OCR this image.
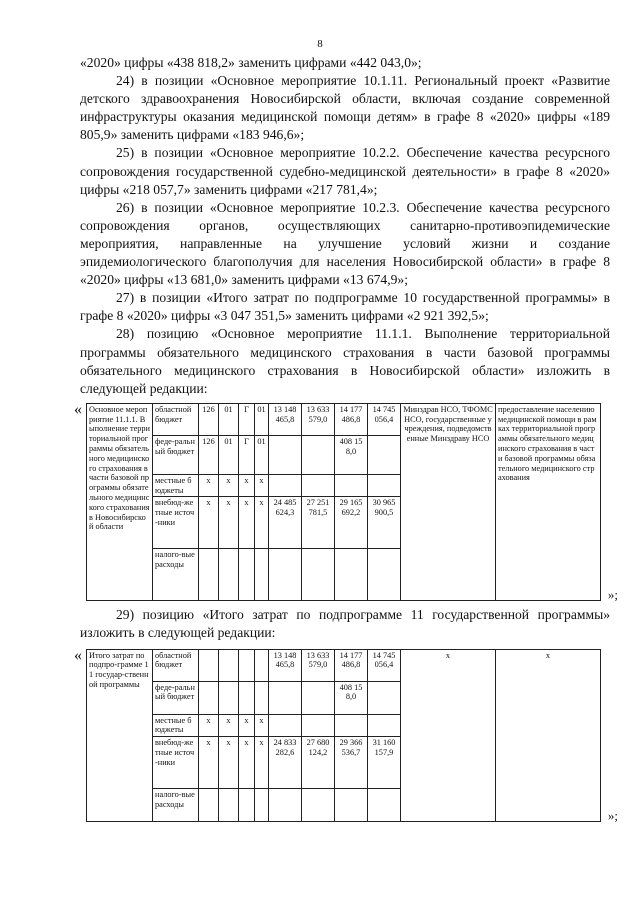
8

«2020» цифры «438 818,2» заменить цифрами «442 043,0»;

24) в позиции «Основное мероприятие 10.1.11. Региональный проект «Развитие детского здравоохранения Новосибирской области, включая создание современной инфраструктуры оказания медицинской помощи детям» в графе 8 «2020» цифры «189 805,9» заменить цифрами «183 946,6»;

25) в позиции «Основное мероприятие 10.2.2. Обеспечение качества ресурсного сопровождения государственной судебно-медицинской деятельности» в графе 8 «2020» цифры «218 057,7» заменить цифрами «217 781,4»;

26) в позиции «Основное мероприятие 10.2.3. Обеспечение качества ресурсного сопровождения органов, осуществляющих санитарно-противоэпидемические мероприятия, направленные на улучшение условий жизни и создание эпидемиологического благополучия для населения Новосибирской области» в графе 8 «2020» цифры «13 681,0» заменить цифрами «13 674,9»;

27) в позиции «Итого затрат по подпрограмме 10 государственной программы» в графе 8 «2020» цифры «3 047 351,5» заменить цифрами «2 921 392,5»;

28) позицию «Основное мероприятие 11.1.1. Выполнение территориальной программы обязательного медицинского страхования в части базовой программы обязательного медицинского страхования в Новосибирской области» изложить в следующей редакции:

« Основное мероприятие 11.1.1. Выполнение территориальной программы обязательного медицинского страхования в части базовой программы обязательного медицинского страхования в Новосибирской области	областной бюджет	126	01	Г	01	13 148 465,8	13 633 579,0	14 177 486,8	14 745 056,4	Минздрав НСО, ТФОМС НСО, государственные учреждения, подведомственные Минздраву НСО	предоставление населению медицинской помощи в рамках территориальной программы обязательного медицинского страхования в части базовой программы обязательного медицинского страхования
	феде-ральный бюджет	126	01	Г	01			408 158,0			
	местные бюджеты	х	х	х	х						
	внебюд-жетные источ-ники	х	х	х	х	24 485 624,3	27 251 781,5	29 165 692,2	30 965 900,5		
	налого-вые расходы										
»;

29) позицию «Итого затрат по подпрограмме 11 государственной программы» изложить в следующей редакции:

« Итого затрат по подпро-грамме 11 государ-ственной программы	областной бюджет					13 148 465,8	13 633 579,0	14 177 486,8	14 745 056,4	х	х
	феде-ральный бюджет							408 158,0			
	местные бюджеты	х	х	х	х						
	внебюд-жетные источ-ники	х	х	х	х	24 833 282,6	27 680 124,2	29 366 536,7	31 160 157,9		
	налого-вые расходы										
»;
